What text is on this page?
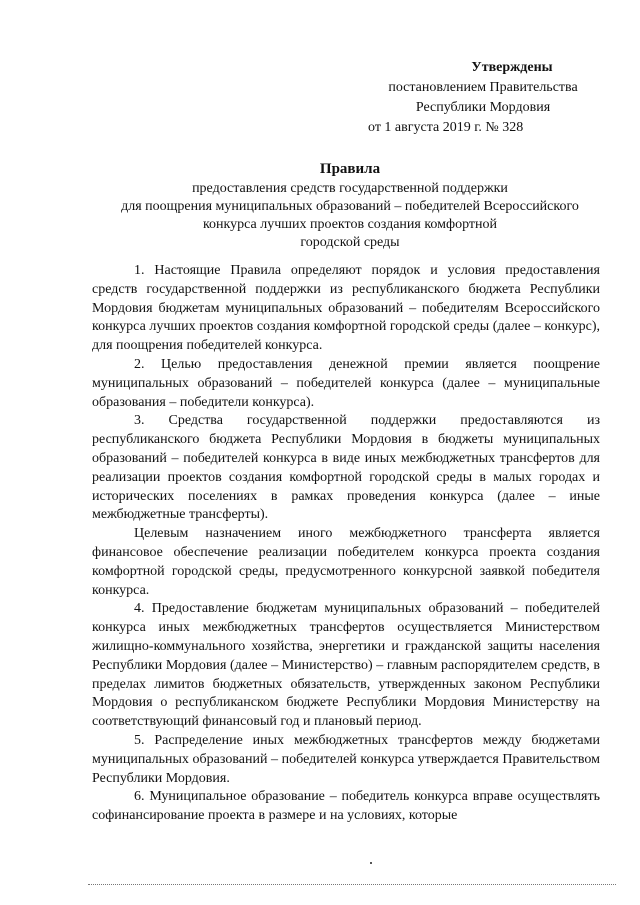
Утверждены
постановлением Правительства
Республики Мордовия
от 1 августа 2019 г. № 328
Правила
предоставления средств государственной поддержки
для поощрения муниципальных образований – победителей Всероссийского
конкурса лучших проектов создания комфортной
городской среды

1. Настоящие Правила определяют порядок и условия предоставления средств государственной поддержки из республиканского бюджета Республики Мордовия бюджетам муниципальных образований – победителям Всероссийского конкурса лучших проектов создания комфортной городской среды (далее – конкурс), для поощрения победителей конкурса.

2. Целью предоставления денежной премии является поощрение муниципальных образований – победителей конкурса (далее – муниципальные образования – победители конкурса).

3. Средства государственной поддержки предоставляются из республиканского бюджета Республики Мордовия в бюджеты муниципальных образований – победителей конкурса в виде иных межбюджетных трансфертов для реализации проектов создания комфортной городской среды в малых городах и исторических поселениях в рамках проведения конкурса (далее – иные межбюджетные трансферты).

Целевым назначением иного межбюджетного трансферта является финансовое обеспечение реализации победителем конкурса проекта создания комфортной городской среды, предусмотренного конкурсной заявкой победителя конкурса.

4. Предоставление бюджетам муниципальных образований – победителей конкурса иных межбюджетных трансфертов осуществляется Министерством жилищно-коммунального хозяйства, энергетики и гражданской защиты населения Республики Мордовия (далее – Министерство) – главным распорядителем средств, в пределах лимитов бюджетных обязательств, утвержденных законом Республики Мордовия о республиканском бюджете Республики Мордовия Министерству на соответствующий финансовый год и плановый период.

5. Распределение иных межбюджетных трансфертов между бюджетами муниципальных образований – победителей конкурса утверждается Правительством Республики Мордовия.

6. Муниципальное образование – победитель конкурса вправе осуществлять софинансирование проекта в размере и на условиях, которые
